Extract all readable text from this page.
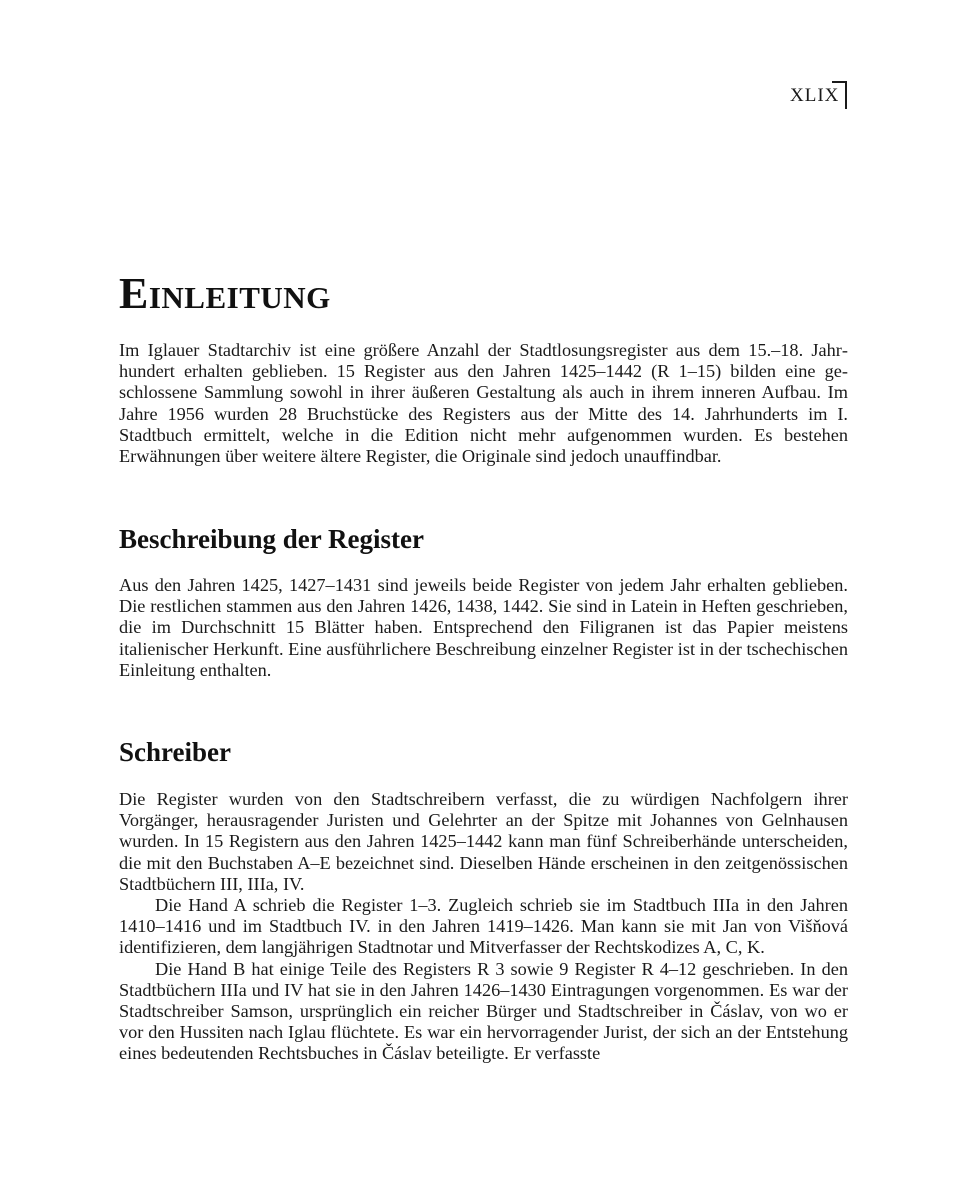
XLIX
Einleitung

Im Iglauer Stadtarchiv ist eine größere Anzahl der Stadtlosungsregister aus dem 15.–18. Jahrhundert erhalten geblieben. 15 Register aus den Jahren 1425–1442 (R 1–15) bilden eine geschlossene Sammlung sowohl in ihrer äußeren Gestaltung als auch in ihrem inneren Aufbau. Im Jahre 1956 wurden 28 Bruchstücke des Registers aus der Mitte des 14. Jahrhunderts im I. Stadtbuch ermittelt, welche in die Edition nicht mehr aufgenommen wurden. Es bestehen Erwähnungen über weitere ältere Register, die Originale sind jedoch unauffindbar.

Beschreibung der Register

Aus den Jahren 1425, 1427–1431 sind jeweils beide Register von jedem Jahr erhalten geblieben. Die restlichen stammen aus den Jahren 1426, 1438, 1442. Sie sind in Latein in Heften geschrieben, die im Durchschnitt 15 Blätter haben. Entsprechend den Filigranen ist das Papier meistens italienischer Herkunft. Eine ausführlichere Beschreibung einzelner Register ist in der tschechischen Einleitung enthalten.

Schreiber

Die Register wurden von den Stadtschreibern verfasst, die zu würdigen Nachfolgern ihrer Vorgänger, herausragender Juristen und Gelehrter an der Spitze mit Johannes von Gelnhausen wurden. In 15 Registern aus den Jahren 1425–1442 kann man fünf Schreiberhände unterscheiden, die mit den Buchstaben A–E bezeichnet sind. Dieselben Hände erscheinen in den zeitgenössischen Stadtbüchern III, IIIa, IV.

Die Hand A schrieb die Register 1–3. Zugleich schrieb sie im Stadtbuch IIIa in den Jahren 1410–1416 und im Stadtbuch IV. in den Jahren 1419–1426. Man kann sie mit Jan von Višňová identifizieren, dem langjährigen Stadtnotar und Mitverfasser der Rechtskodizes A, C, K.

Die Hand B hat einige Teile des Registers R 3 sowie 9 Register R 4–12 geschrieben. In den Stadtbüchern IIIa und IV hat sie in den Jahren 1426–1430 Eintragungen vorgenommen. Es war der Stadtschreiber Samson, ursprünglich ein reicher Bürger und Stadtschreiber in Čáslav, von wo er vor den Hussiten nach Iglau flüchtete. Es war ein hervorragender Jurist, der sich an der Entstehung eines bedeutenden Rechtsbuches in Čáslav beteiligte. Er verfasste
